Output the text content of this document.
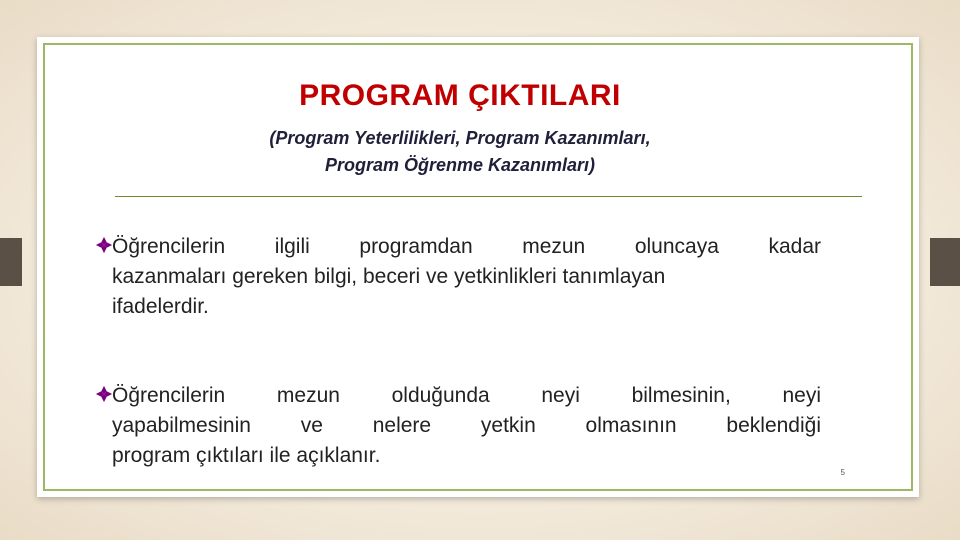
PROGRAM ÇIKTILARI
(Program Yeterlilikleri, Program Kazanımları,
Program Öğrenme Kazanımları)

Öğrencilerin ilgili programdan mezun oluncaya kadar

kazanmaları gereken bilgi, beceri ve yetkinlikleri tanımlayan

ifadelerdir.

Öğrencilerin mezun olduğunda neyi bilmesinin, neyi

yapabilmesinin ve nelere yetkin olmasının beklendiği

program çıktıları ile açıklanır.

5
